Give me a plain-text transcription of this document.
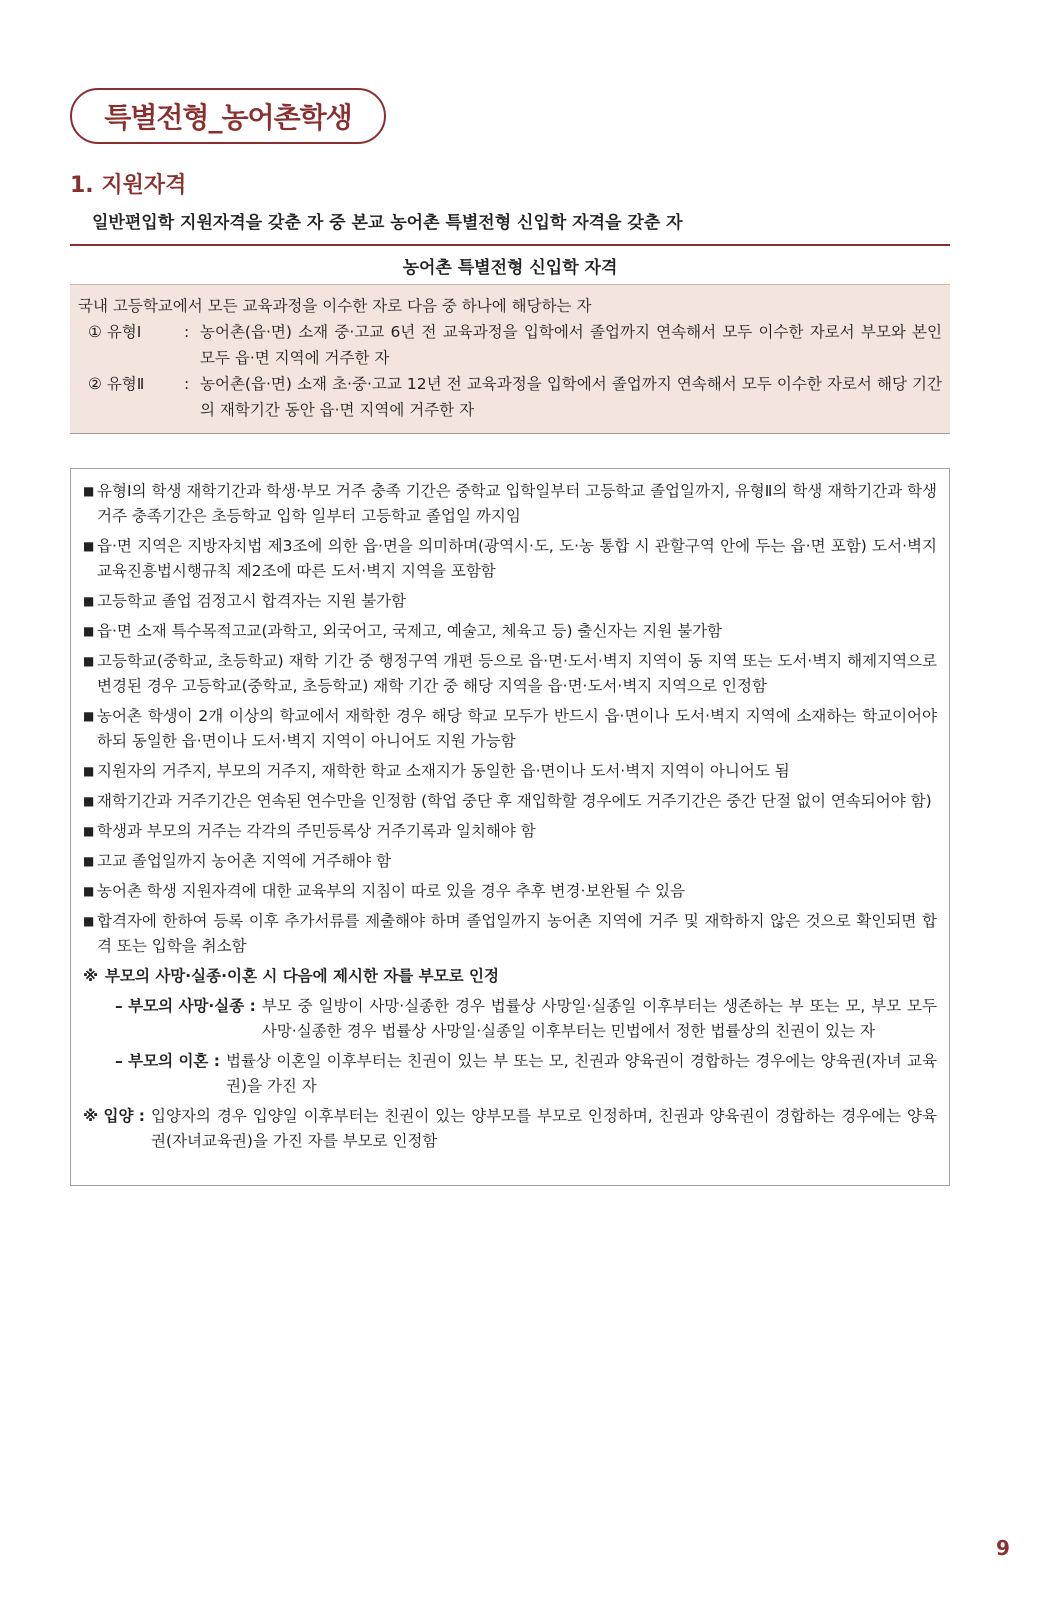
특별전형_농어촌학생
1. 지원자격
일반편입학 지원자격을 갖춘 자 중 본교 농어촌 특별전형 신입학 자격을 갖춘 자
농어촌 특별전형 신입학 자격
국내 고등학교에서 모든 교육과정을 이수한 자로 다음 중 하나에 해당하는 자
① 유형Ⅰ	: 농어촌(읍·면) 소재 중·고교 6년 전 교육과정을 입학에서 졸업까지 연속해서 모두 이수한 자로서 부모와 본인 모두 읍·면 지역에 거주한 자
② 유형Ⅱ	: 농어촌(읍·면) 소재 초·중·고교 12년 전 교육과정을 입학에서 졸업까지 연속해서 모두 이수한 자로서 해당 기간의 재학기간 동안 읍·면 지역에 거주한 자
■ 유형Ⅰ의 학생 재학기간과 학생·부모 거주 충족 기간은 중학교 입학일부터 고등학교 졸업일까지, 유형Ⅱ의 학생 재학기간과 학생 거주 충족기간은 초등학교 입학 일부터 고등학교 졸업일 까지임
■ 읍·면 지역은 지방자치법 제3조에 의한 읍·면을 의미하며(광역시·도, 도·농 통합 시 관할구역 안에 두는 읍·면 포함) 도서·벽지교육진흥법시행규칙 제2조에 따른 도서·벽지 지역을 포함함
■ 고등학교 졸업 검정고시 합격자는 지원 불가함
■ 읍·면 소재 특수목적고교(과학고, 외국어고, 국제고, 예술고, 체육고 등) 출신자는 지원 불가함
■ 고등학교(중학교, 초등학교) 재학 기간 중 행정구역 개편 등으로 읍·면·도서·벽지 지역이 동 지역 또는 도서·벽지 해제지역으로 변경된 경우 고등학교(중학교, 초등학교) 재학 기간 중 해당 지역을 읍·면·도서·벽지 지역으로 인정함
■ 농어촌 학생이 2개 이상의 학교에서 재학한 경우 해당 학교 모두가 반드시 읍·면이나 도서·벽지 지역에 소재하는 학교이어야 하되 동일한 읍·면이나 도서·벽지 지역이 아니어도 지원 가능함
■ 지원자의 거주지, 부모의 거주지, 재학한 학교 소재지가 동일한 읍·면이나 도서·벽지 지역이 아니어도 됨
■ 재학기간과 거주기간은 연속된 연수만을 인정함 (학업 중단 후 재입학할 경우에도 거주기간은 중간 단절 없이 연속되어야 함)
■ 학생과 부모의 거주는 각각의 주민등록상 거주기록과 일치해야 함
■ 고교 졸업일까지 농어촌 지역에 거주해야 함
■ 농어촌 학생 지원자격에 대한 교육부의 지침이 따로 있을 경우 추후 변경·보완될 수 있음
■ 합격자에 한하여 등록 이후 추가서류를 제출해야 하며 졸업일까지 농어촌 지역에 거주 및 재학하지 않은 것으로 확인되면 합격 또는 입학을 취소함
※ 부모의 사망·실종·이혼 시 다음에 제시한 자를 부모로 인정
– 부모의 사망·실종 : 부모 중 일방이 사망·실종한 경우 법률상 사망일·실종일 이후부터는 생존하는 부 또는 모, 부모 모두 사망·실종한 경우 법률상 사망일·실종일 이후부터는 민법에서 정한 법률상의 친권이 있는 자
– 부모의 이혼 : 법률상 이혼일 이후부터는 친권이 있는 부 또는 모, 친권과 양육권이 경합하는 경우에는 양육권(자녀 교육권)을 가진 자
※ 입양 : 입양자의 경우 입양일 이후부터는 친권이 있는 양부모를 부모로 인정하며, 친권과 양육권이 경합하는 경우에는 양육권(자녀교육권)을 가진 자를 부모로 인정함
9
